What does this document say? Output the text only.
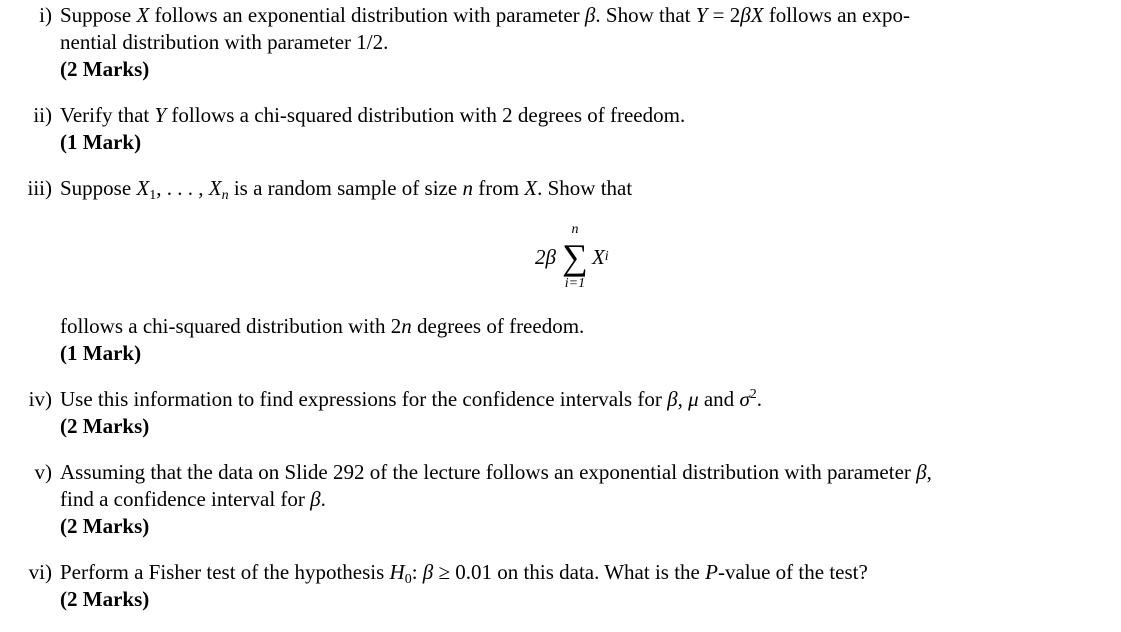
i) Suppose X follows an exponential distribution with parameter β. Show that Y = 2βX follows an expo-
nential distribution with parameter 1/2.
(2 Marks)
ii) Verify that Y follows a chi-squared distribution with 2 degrees of freedom.
(1 Mark)
iii) Suppose $X_1$, . . . , $X_n$ is a random sample of size n from X. Show that
2β
n
∑
i=1
X i
follows a chi-squared distribution with 2n degrees of freedom.
(1 Mark)
iv) Use this information to find expressions for the confidence intervals for β, μ and $\sigma^2$.
(2 Marks)
v) Assuming that the data on Slide 292 of the lecture follows an exponential distribution with parameter β,
find a confidence interval for β.
(2 Marks)
vi) Perform a Fisher test of the hypothesis $H_0$: β ≥ 0.01 on this data. What is the P-value of the test?
(2 Marks)
